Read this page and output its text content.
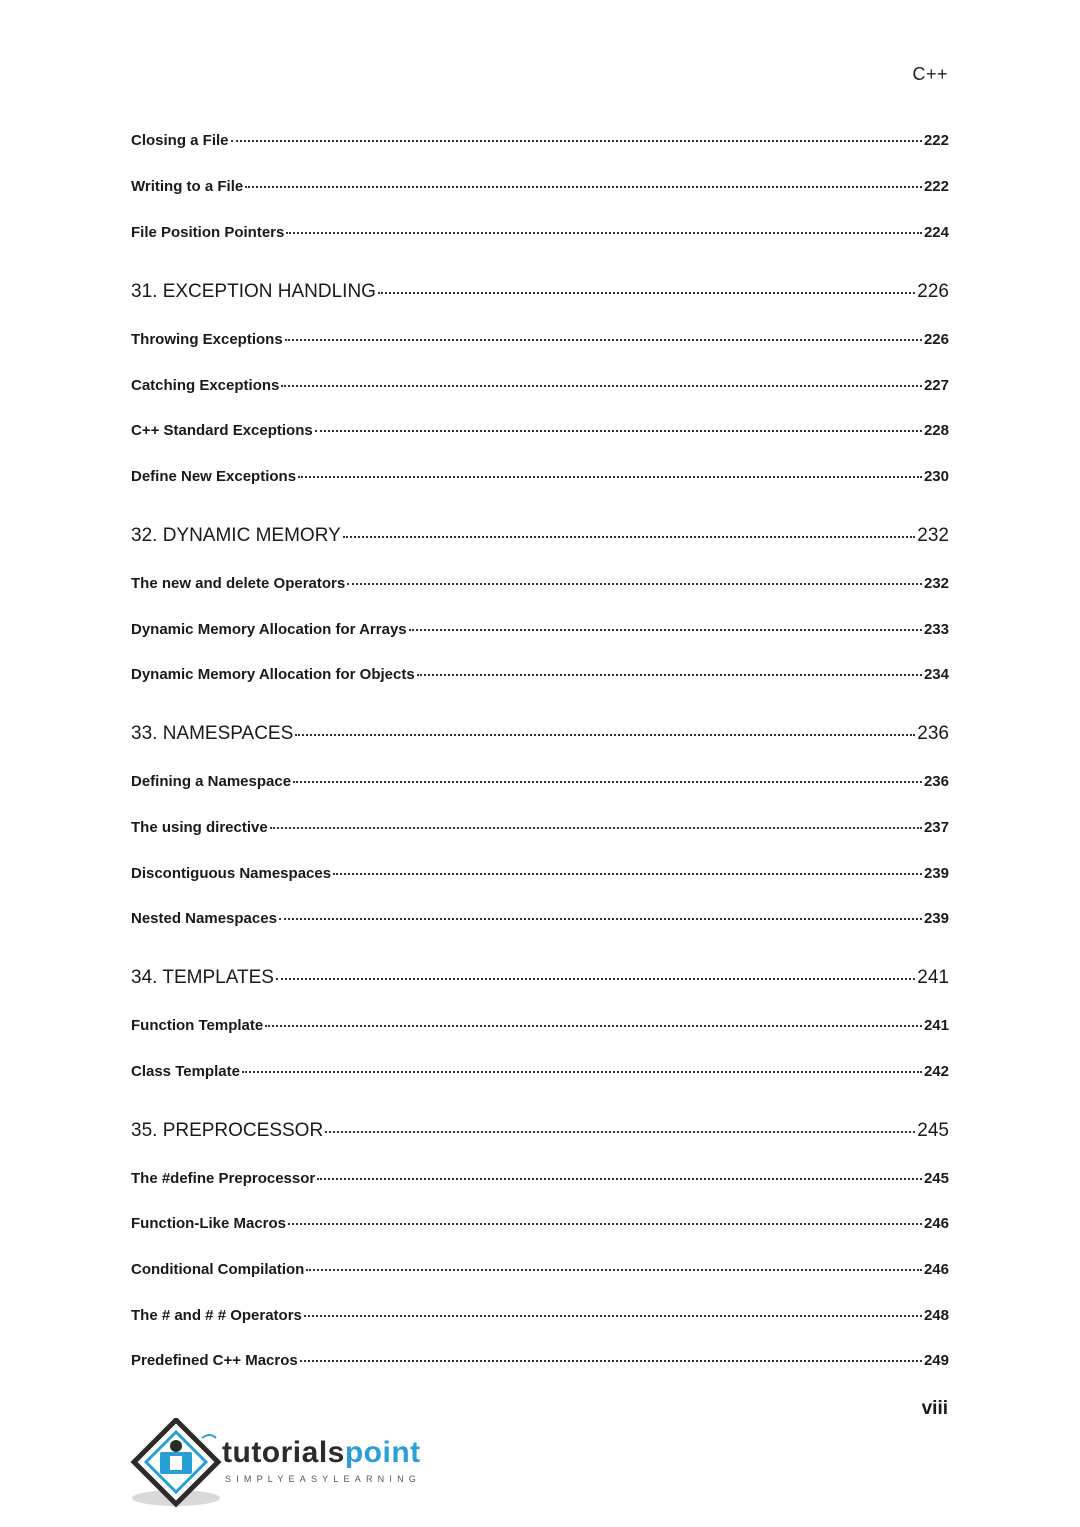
C++
Closing a File	222
Writing to a File	222
File Position Pointers	224
31. EXCEPTION HANDLING	226
Throwing Exceptions	226
Catching Exceptions	227
C++ Standard Exceptions	228
Define New Exceptions	230
32. DYNAMIC MEMORY	232
The new and delete Operators	232
Dynamic Memory Allocation for Arrays	233
Dynamic Memory Allocation for Objects	234
33. NAMESPACES	236
Defining a Namespace	236
The using directive	237
Discontiguous Namespaces	239
Nested Namespaces	239
34. TEMPLATES	241
Function Template	241
Class Template	242
35. PREPROCESSOR	245
The #define Preprocessor	245
Function-Like Macros	246
Conditional Compilation	246
The # and # # Operators	248
Predefined C++ Macros	249
viii
tutorialspoint
SIMPLYEASYLEARNING
